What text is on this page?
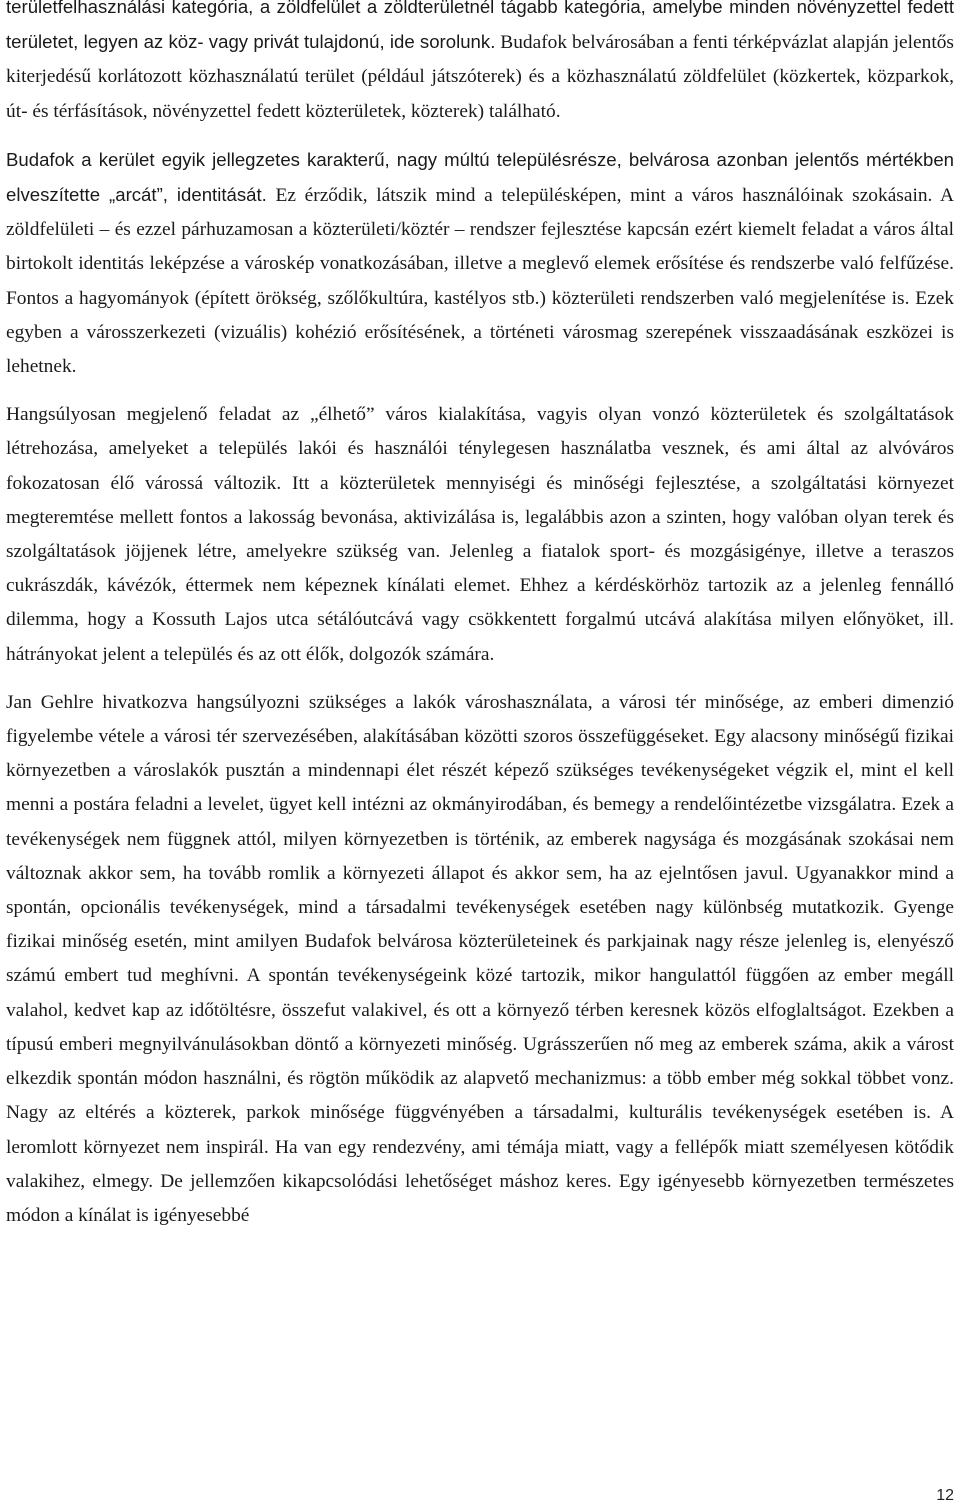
területfelhasználási kategória, a zöldfelület a zöldterületnél tágabb kategória, amelybe minden növényzettel fedett területet, legyen az köz- vagy privát tulajdonú, ide sorolunk. Budafok belvárosában a fenti térképvázlat alapján jelentős kiterjedésű korlátozott közhasználatú terület (például játszóterek) és a közhasználatú zöldfelület (közkertek, közparkok, út- és térfásítások, növényzettel fedett közterületek, közterek) található.

Budafok a kerület egyik jellegzetes karakterű, nagy múltú településrésze, belvárosa azonban jelentős mértékben elveszítette „arcát”, identitását. Ez érződik, látszik mind a településképen, mint a város használóinak szokásain. A zöldfelületi – és ezzel párhuzamosan a közterületi/köztér – rendszer fejlesztése kapcsán ezért kiemelt feladat a város által birtokolt identitás leképzése a városkép vonatkozásában, illetve a meglevő elemek erősítése és rendszerbe való felfűzése. Fontos a hagyományok (épített örökség, szőlőkultúra, kastélyos stb.) közterületi rendszerben való megjelenítése is. Ezek egyben a városszerkezeti (vizuális) kohézió erősítésének, a történeti városmag szerepének visszaadásának eszközei is lehetnek.

Hangsúlyosan megjelenő feladat az „élhető” város kialakítása, vagyis olyan vonzó közterületek és szolgáltatások létrehozása, amelyeket a település lakói és használói ténylegesen használatba vesznek, és ami által az alvóváros fokozatosan élő várossá változik. Itt a közterületek mennyiségi és minőségi fejlesztése, a szolgáltatási környezet megteremtése mellett fontos a lakosság bevonása, aktivizálása is, legalábbis azon a szinten, hogy valóban olyan terek és szolgáltatások jöjjenek létre, amelyekre szükség van. Jelenleg a fiatalok sport- és mozgásigénye, illetve a teraszos cukrászdák, kávézók, éttermek nem képeznek kínálati elemet. Ehhez a kérdéskörhöz tartozik az a jelenleg fennálló dilemma, hogy a Kossuth Lajos utca sétálóutcává vagy csökkentett forgalmú utcává alakítása milyen előnyöket, ill. hátrányokat jelent a település és az ott élők, dolgozók számára.

Jan Gehlre hivatkozva hangsúlyozni szükséges a lakók városhasználata, a városi tér minősége, az emberi dimenzió figyelembe vétele a városi tér szervezésében, alakításában közötti szoros összefüggéseket. Egy alacsony minőségű fizikai környezetben a városlakók pusztán a mindennapi élet részét képező szükséges tevékenységeket végzik el, mint el kell menni a postára feladni a levelet, ügyet kell intézni az okmányirodában, és bemegy a rendelőintézetbe vizsgálatra. Ezek a tevékenységek nem függnek attól, milyen környezetben is történik, az emberek nagysága és mozgásának szokásai nem változnak akkor sem, ha tovább romlik a környezeti állapot és akkor sem, ha az ejelntősen javul. Ugyanakkor mind a spontán, opcionális tevékenységek, mind a társadalmi tevékenységek esetében nagy különbség mutatkozik. Gyenge fizikai minőség esetén, mint amilyen Budafok belvárosa közterületeinek és parkjainak nagy része jelenleg is, elenyésző számú embert tud meghívni. A spontán tevékenységeink közé tartozik, mikor hangulattól függően az ember megáll valahol, kedvet kap az időtöltésre, összefut valakivel, és ott a környező térben keresnek közös elfoglaltságot. Ezekben a típusú emberi megnyilvánulásokban döntő a környezeti minőség. Ugrásszerűen nő meg az emberek száma, akik a várost elkezdik spontán módon használni, és rögtön működik az alapvető mechanizmus: a több ember még sokkal többet vonz. Nagy az eltérés a közterek, parkok minősége függvényében a társadalmi, kulturális tevékenységek esetében is. A leromlott környezet nem inspirál. Ha van egy rendezvény, ami témája miatt, vagy a fellépők miatt személyesen kötődik valakihez, elmegy. De jellemzően kikapcsolódási lehetőséget máshoz keres. Egy igényesebb környezetben természetes módon a kínálat is igényesebbé

12
